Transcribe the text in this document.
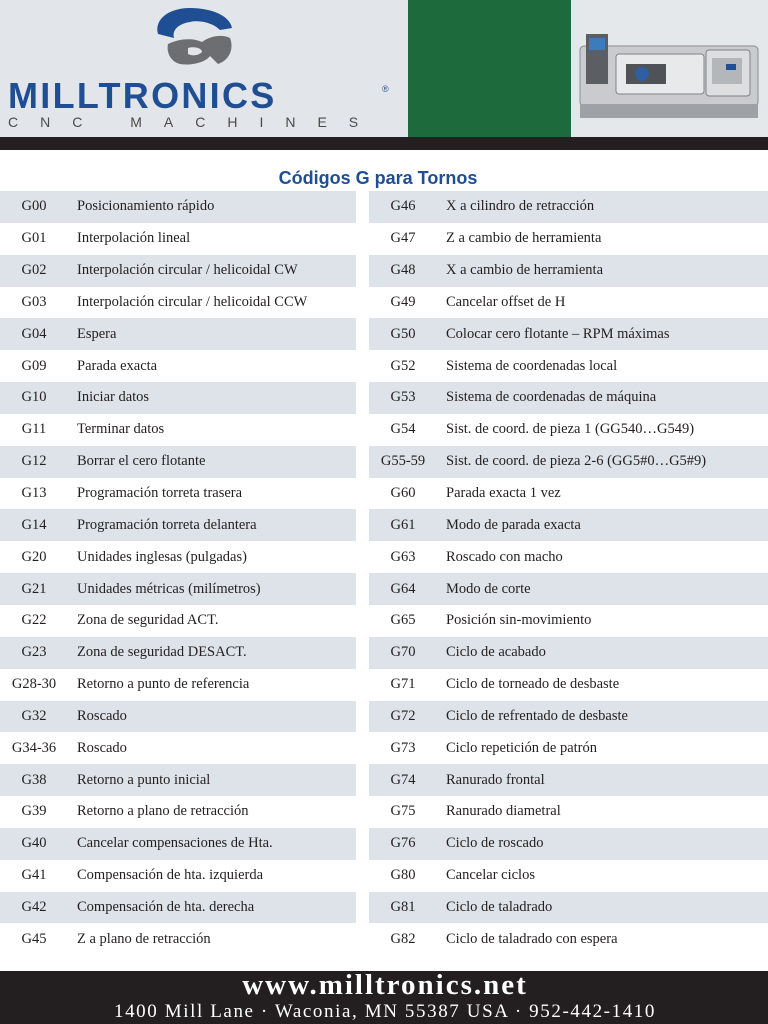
MILLTRONICS	®
CNC MACHINES
Códigos G para Tornos
G00	Posicionamiento rápido
G01	Interpolación lineal
G02	Interpolación circular / helicoidal CW
G03	Interpolación circular / helicoidal CCW
G04	Espera
G09	Parada exacta
G10	Iniciar datos
G11	Terminar datos
G12	Borrar el cero flotante
G13	Programación torreta trasera
G14	Programación torreta delantera
G20	Unidades inglesas (pulgadas)
G21	Unidades métricas (milímetros)
G22	Zona de seguridad ACT.
G23	Zona de seguridad DESACT.
G28-30	Retorno a punto de referencia
G32	Roscado
G34-36	Roscado
G38	Retorno a punto inicial
G39	Retorno a plano de retracción
G40	Cancelar compensaciones de Hta.
G41	Compensación de hta. izquierda
G42	Compensación de hta. derecha
G45	Z a plano de retracción
G46	X a cilindro de retracción
G47	Z a cambio de herramienta
G48	X a cambio de herramienta
G49	Cancelar offset de H
G50	Colocar cero flotante – RPM máximas
G52	Sistema de coordenadas local
G53	Sistema de coordenadas de máquina
G54	Sist. de coord. de pieza 1 (GG540…G549)
G55-59	Sist. de coord. de pieza 2-6 (GG5#0…G5#9)
G60	Parada exacta 1 vez
G61	Modo de parada exacta
G63	Roscado con macho
G64	Modo de corte
G65	Posición sin-movimiento
G70	Ciclo de acabado
G71	Ciclo de torneado de desbaste
G72	Ciclo de refrentado de desbaste
G73	Ciclo repetición de patrón
G74	Ranurado frontal
G75	Ranurado diametral
G76	Ciclo de roscado
G80	Cancelar ciclos
G81	Ciclo de taladrado
G82	Ciclo de taladrado con espera
www.milltronics.net
1400 Mill Lane · Waconia, MN 55387 USA · 952-442-1410
